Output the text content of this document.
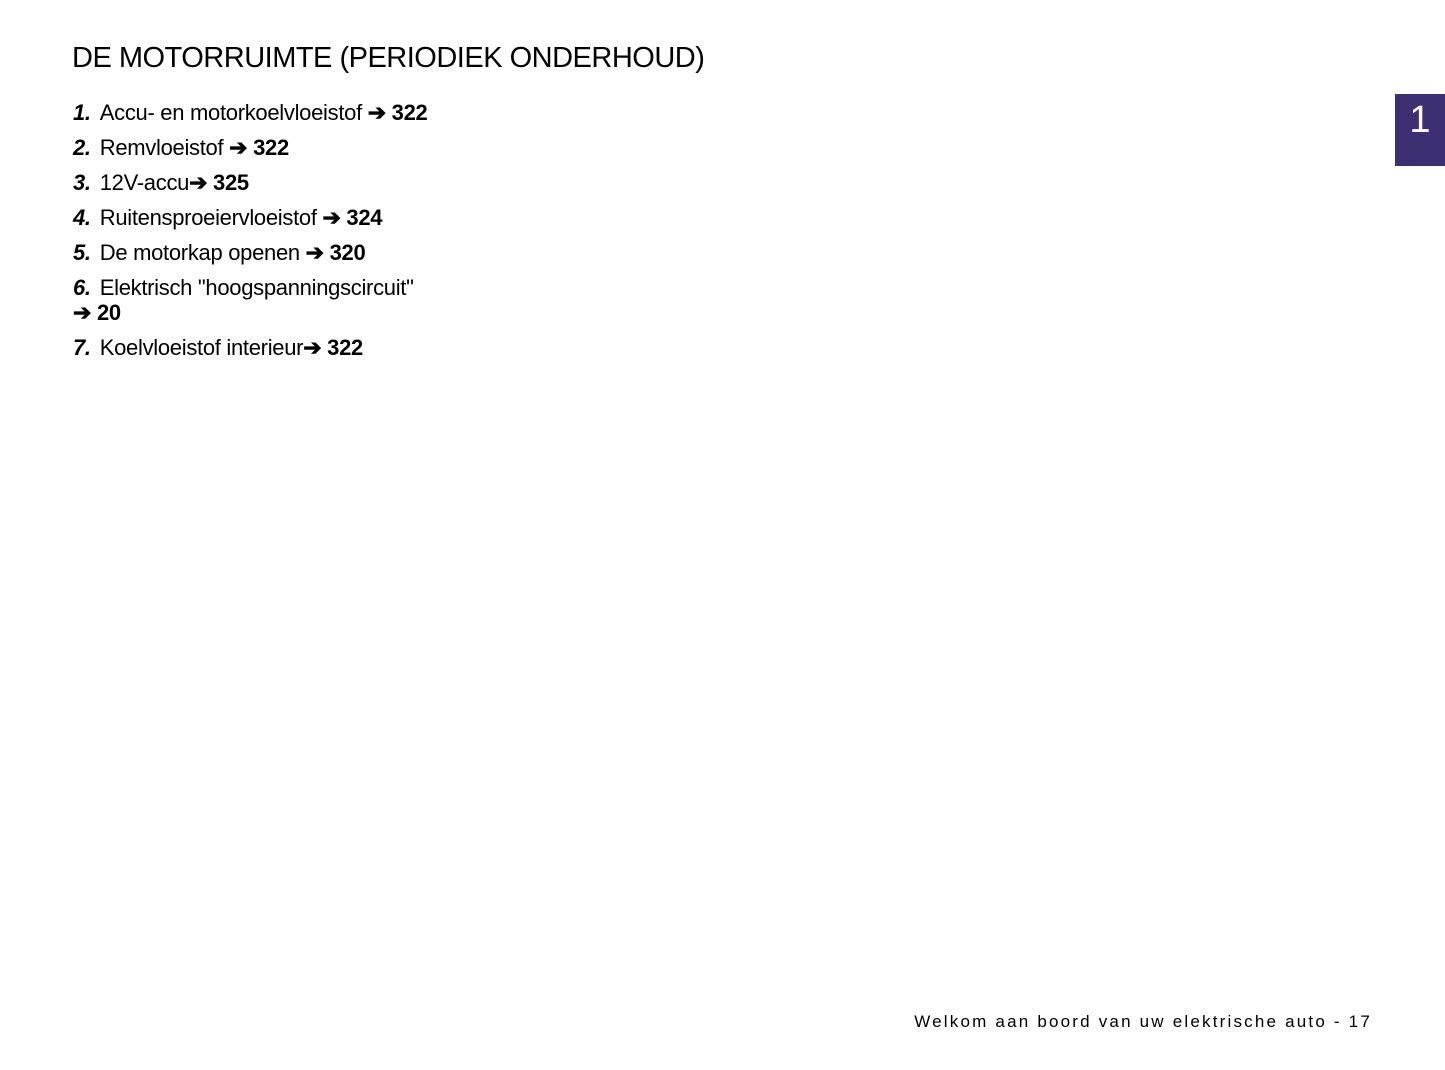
DE MOTORRUIMTE (PERIODIEK ONDERHOUD)
1. Accu- en motorkoelvloeistof ➔ 322
2. Remvloeistof ➔ 322
3. 12V-accu➔ 325
4. Ruitensproeiervloeistof ➔ 324
5. De motorkap openen ➔ 320
6. Elektrisch "hoogspanningscircuit"
➔ 20
7. Koelvloeistof interieur➔ 322
1
Welkom aan boord van uw elektrische auto - 17
